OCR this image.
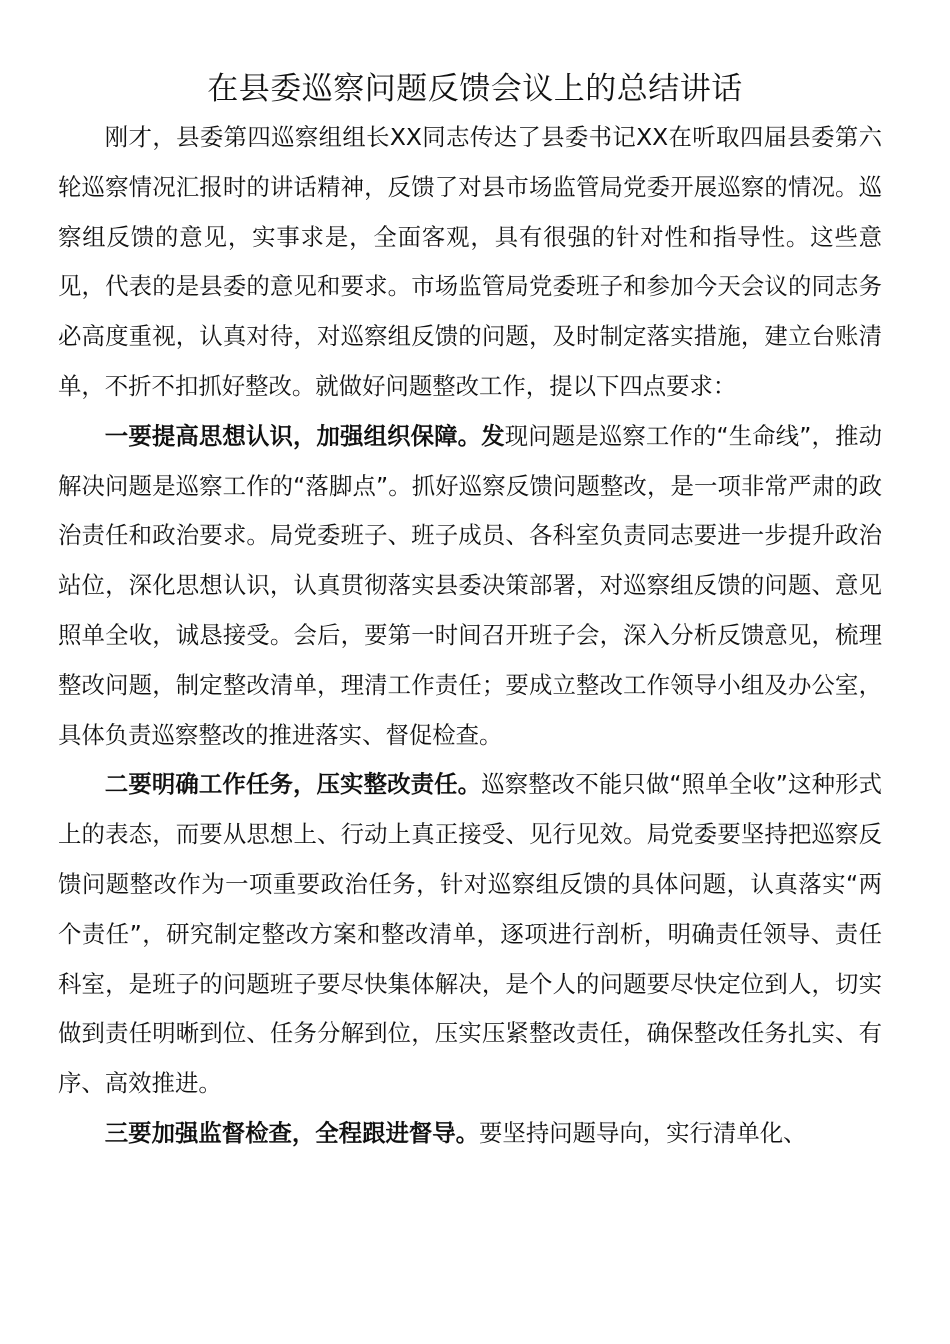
在县委巡察问题反馈会议上的总结讲话

刚才，县委第四巡察组组长XX同志传达了县委书记XX在听取四届县委第六轮巡察情况汇报时的讲话精神，反馈了对县市场监管局党委开展巡察的情况。巡察组反馈的意见，实事求是，全面客观，具有很强的针对性和指导性。这些意见，代表的是县委的意见和要求。市场监管局党委班子和参加今天会议的同志务必高度重视，认真对待，对巡察组反馈的问题，及时制定落实措施，建立台账清单，不折不扣抓好整改。就做好问题整改工作，提以下四点要求：

一要提高思想认识，加强组织保障。发现问题是巡察工作的“生命线”，推动解决问题是巡察工作的“落脚点”。抓好巡察反馈问题整改，是一项非常严肃的政治责任和政治要求。局党委班子、班子成员、各科室负责同志要进一步提升政治站位，深化思想认识，认真贯彻落实县委决策部署，对巡察组反馈的问题、意见照单全收，诚恳接受。会后，要第一时间召开班子会，深入分析反馈意见，梳理整改问题，制定整改清单，理清工作责任；要成立整改工作领导小组及办公室，具体负责巡察整改的推进落实、督促检查。

二要明确工作任务，压实整改责任。巡察整改不能只做“照单全收”这种形式上的表态，而要从思想上、行动上真正接受、见行见效。局党委要坚持把巡察反馈问题整改作为一项重要政治任务，针对巡察组反馈的具体问题，认真落实“两个责任”，研究制定整改方案和整改清单，逐项进行剖析，明确责任领导、责任科室，是班子的问题班子要尽快集体解决，是个人的问题要尽快定位到人，切实做到责任明晰到位、任务分解到位，压实压紧整改责任，确保整改任务扎实、有序、高效推进。

三要加强监督检查，全程跟进督导。要坚持问题导向，实行清单化、
